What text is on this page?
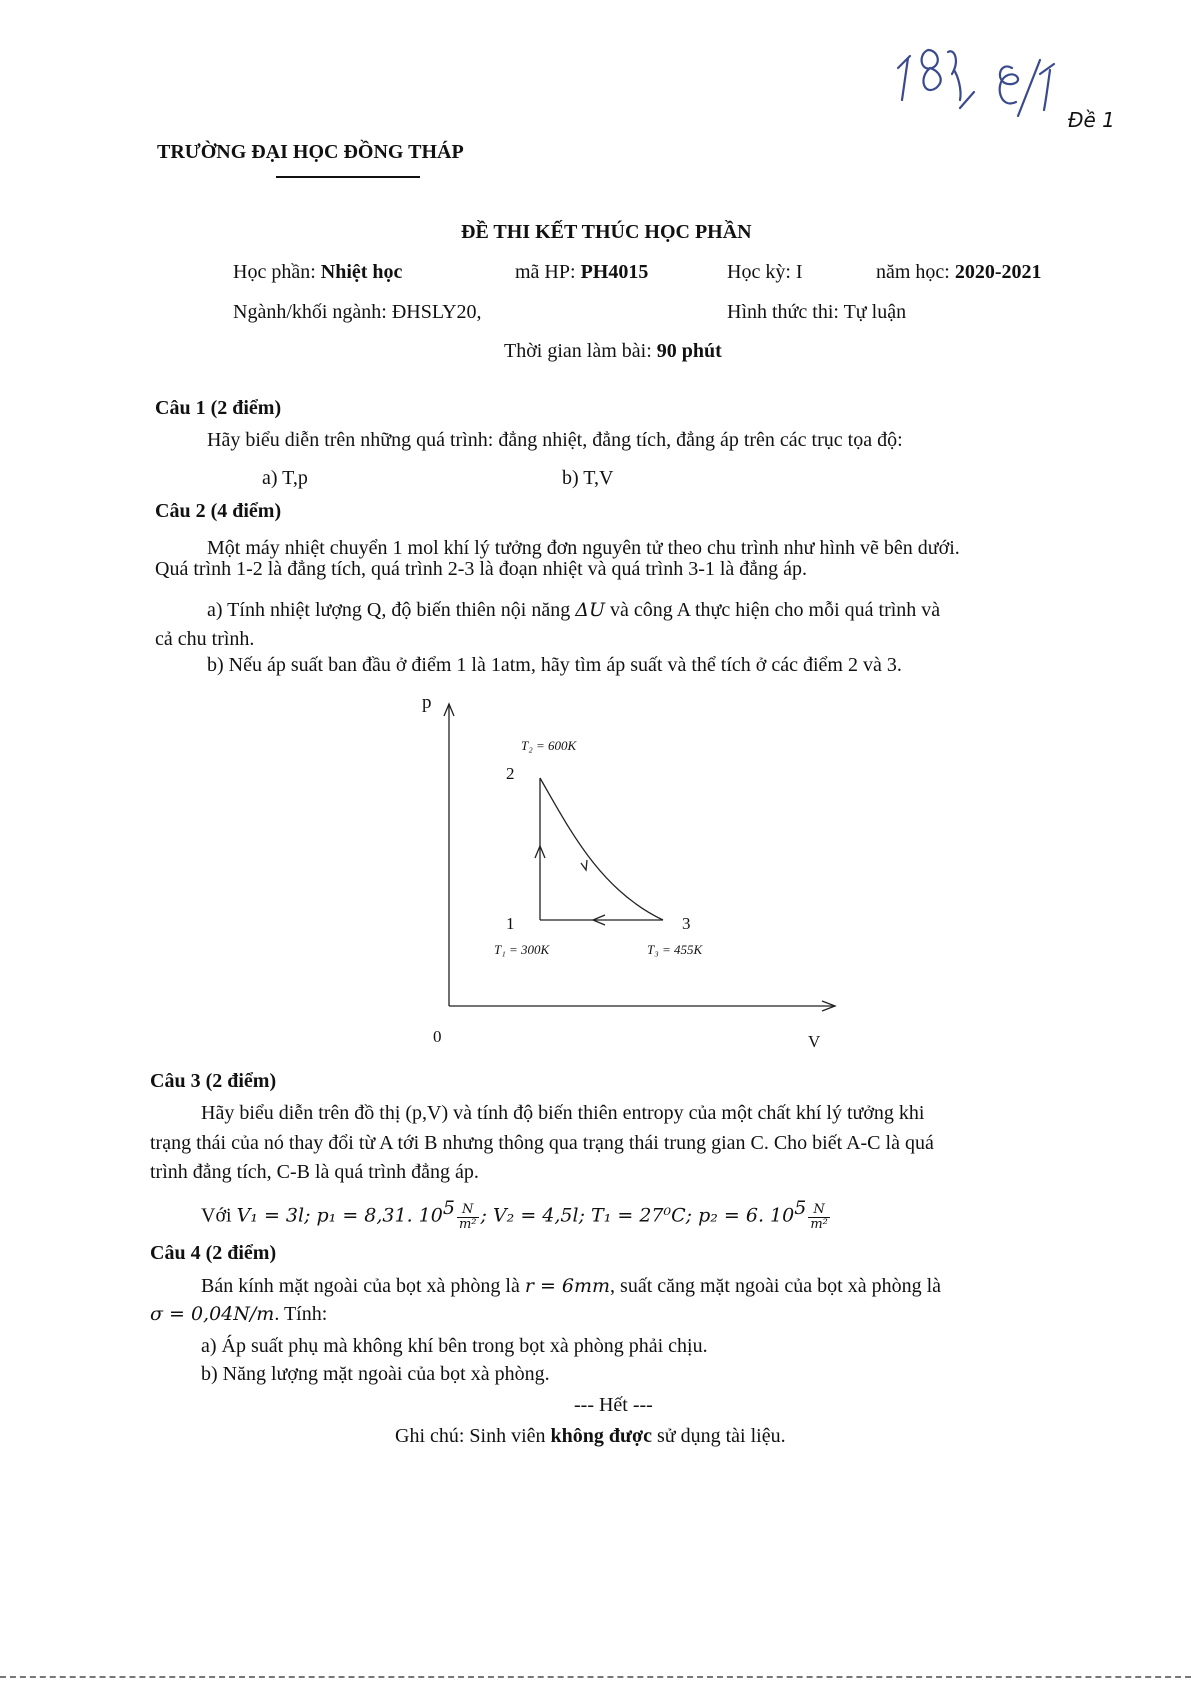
Đề 1
TRƯỜNG ĐẠI HỌC ĐỒNG THÁP
ĐỀ THI KẾT THÚC HỌC PHẦN
Học phần: Nhiệt học	mã HP: PH4015	Học kỳ: I	năm học: 2020-2021
Ngành/khối ngành: ĐHSLY20,	Hình thức thi: Tự luận
Thời gian làm bài: 90 phút
Câu 1 (2 điểm)
Hãy biểu diễn trên những quá trình: đẳng nhiệt, đẳng tích, đẳng áp trên các trục tọa độ:
a) T,p	b) T,V
Câu 2 (4 điểm)
Một máy nhiệt chuyển 1 mol khí lý tưởng đơn nguyên tử theo chu trình như hình vẽ bên dưới.
Quá trình 1-2 là đẳng tích, quá trình 2-3 là đoạn nhiệt và quá trình 3-1 là đẳng áp.
a) Tính nhiệt lượng Q, độ biến thiên nội năng ΔU và công A thực hiện cho mỗi quá trình và
cả chu trình.
b) Nếu áp suất ban đầu ở điểm 1 là 1atm, hãy tìm áp suất và thể tích ở các điểm 2 và 3.
p
0	V
1
2
3
T₂ = 600K
T₁ = 300K	T₃ = 455K
Câu 3 (2 điểm)
Hãy biểu diễn trên đồ thị (p,V) và tính độ biến thiên entropy của một chất khí lý tưởng khi
trạng thái của nó thay đổi từ A tới B nhưng thông qua trạng thái trung gian C. Cho biết A-C là quá
trình đẳng tích, C-B là quá trình đẳng áp.
Với V₁ = 3l; p₁ = 8,31. $10^5 \frac{N}{\text{m²}}$ ; V₂ = 4,5l; T₁ = 27⁰C; p₂ = 6. $10^5 \frac{N}{\text{m²}}$
Câu 4 (2 điểm)
Bán kính mặt ngoài của bọt xà phòng là r = 6mm, suất căng mặt ngoài của bọt xà phòng là
σ = 0,04N/m. Tính:
a) Áp suất phụ mà không khí bên trong bọt xà phòng phải chịu.
b) Năng lượng mặt ngoài của bọt xà phòng.
--- Hết ---
Ghi chú: Sinh viên không được sử dụng tài liệu.
